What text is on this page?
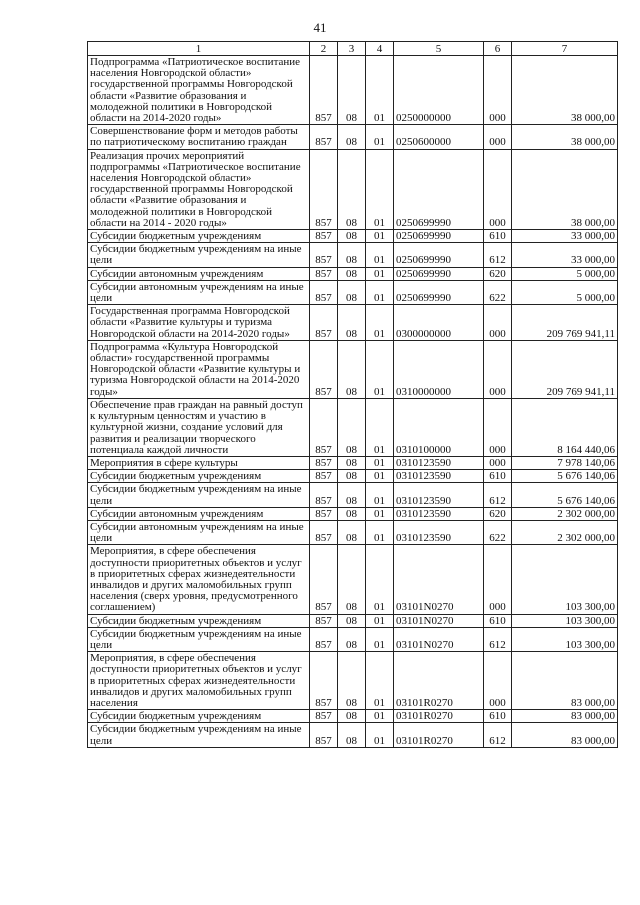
41
1	2	3	4	5	6	7
Подпрограмма «Патриотическое воспитание населения Новгородской области» государственной программы Новгородской области «Развитие образования и молодежной политики в Новгородской области на 2014-2020 годы»	857	08	01	0250000000	000	38 000,00
Совершенствование форм и методов работы по патриотическому воспитанию граждан	857	08	01	0250600000	000	38 000,00
Реализация прочих мероприятий подпрограммы «Патриотическое воспитание населения Новгородской области» государственной программы Новгородской области «Развитие образования и молодежной политики в Новгородской области на 2014 - 2020 годы»	857	08	01	0250699990	000	38 000,00
Субсидии бюджетным учреждениям	857	08	01	0250699990	610	33 000,00
Субсидии бюджетным учреждениям на иные цели	857	08	01	0250699990	612	33 000,00
Субсидии автономным учреждениям	857	08	01	0250699990	620	5 000,00
Субсидии автономным учреждениям на иные цели	857	08	01	0250699990	622	5 000,00
Государственная программа Новгородской области «Развитие культуры и туризма Новгородской области на 2014-2020 годы»	857	08	01	0300000000	000	209 769 941,11
Подпрограмма «Культура Новгородской области» государственной программы Новгородской области «Развитие культуры и туризма Новгородской области на 2014-2020 годы»	857	08	01	0310000000	000	209 769 941,11
Обеспечение прав граждан на равный доступ к культурным ценностям и участию в культурной жизни, создание условий для развития и реализации творческого потенциала каждой личности	857	08	01	0310100000	000	8 164 440,06
Мероприятия в сфере культуры	857	08	01	0310123590	000	7 978 140,06
Субсидии бюджетным учреждениям	857	08	01	0310123590	610	5 676 140,06
Субсидии бюджетным учреждениям на иные цели	857	08	01	0310123590	612	5 676 140,06
Субсидии автономным учреждениям	857	08	01	0310123590	620	2 302 000,00
Субсидии автономным учреждениям на иные цели	857	08	01	0310123590	622	2 302 000,00
Мероприятия, в сфере обеспечения доступности приоритетных объектов и услуг в приоритетных сферах жизнедеятельности инвалидов и других маломобильных групп населения (сверх уровня, предусмотренного соглашением)	857	08	01	03101N0270	000	103 300,00
Субсидии бюджетным учреждениям	857	08	01	03101N0270	610	103 300,00
Субсидии бюджетным учреждениям на иные цели	857	08	01	03101N0270	612	103 300,00
Мероприятия, в сфере обеспечения доступности приоритетных объектов и услуг в приоритетных сферах жизнедеятельности инвалидов и других маломобильных групп населения	857	08	01	03101R0270	000	83 000,00
Субсидии бюджетным учреждениям	857	08	01	03101R0270	610	83 000,00
Субсидии бюджетным учреждениям на иные цели	857	08	01	03101R0270	612	83 000,00
